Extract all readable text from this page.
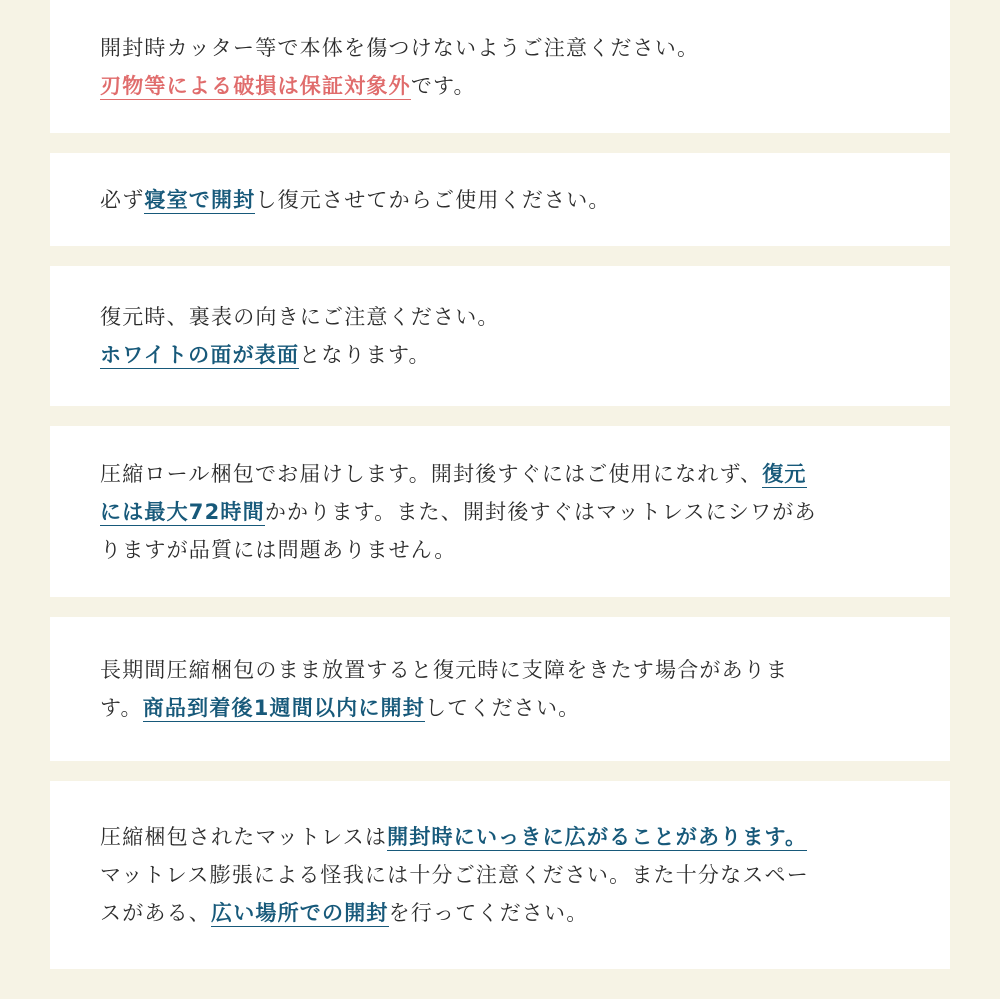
開封時カッター等で本体を傷つけないようご注意ください。
刃物等による破損は保証対象外です。
必ず寝室で開封し復元させてからご使用ください。
復元時、裏表の向きにご注意ください。
ホワイトの面が表面となります。
圧縮ロール梱包でお届けします。開封後すぐにはご使用になれず、復元
には最大72時間かかります。また、開封後すぐはマットレスにシワがあ
りますが品質には問題ありません。
長期間圧縮梱包のまま放置すると復元時に支障をきたす場合がありま
す。商品到着後1週間以内に開封してください。
圧縮梱包されたマットレスは開封時にいっきに広がることがあります。
マットレス膨張による怪我には十分ご注意ください。また十分なスペー
スがある、広い場所での開封を行ってください。
